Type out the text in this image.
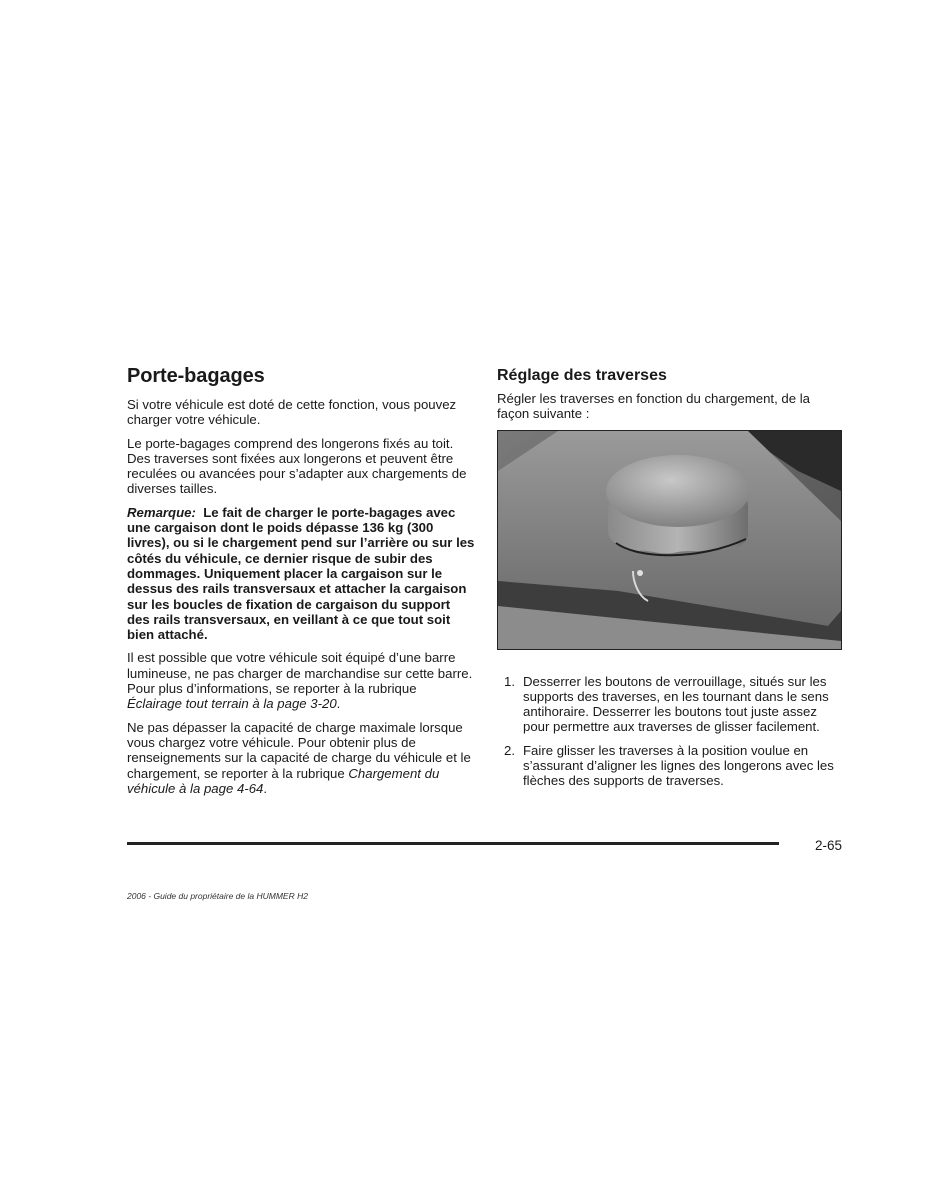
Porte-bagages

Si votre véhicule est doté de cette fonction, vous pouvez charger votre véhicule.

Le porte-bagages comprend des longerons fixés au toit. Des traverses sont fixées aux longerons et peuvent être reculées ou avancées pour s’adapter aux chargements de diverses tailles.

Remarque: Le fait de charger le porte-bagages avec une cargaison dont le poids dépasse 136 kg (300 livres), ou si le chargement pend sur l’arrière ou sur les côtés du véhicule, ce dernier risque de subir des dommages. Uniquement placer la cargaison sur le dessus des rails transversaux et attacher la cargaison sur les boucles de fixation de cargaison du support des rails transversaux, en veillant à ce que tout soit bien attaché.

Il est possible que votre véhicule soit équipé d’une barre lumineuse, ne pas charger de marchandise sur cette barre. Pour plus d’informations, se reporter à la rubrique Éclairage tout terrain à la page 3-20.

Ne pas dépasser la capacité de charge maximale lorsque vous chargez votre véhicule. Pour obtenir plus de renseignements sur la capacité de charge du véhicule et le chargement, se reporter à la rubrique Chargement du véhicule à la page 4-64.

Réglage des traverses

Régler les traverses en fonction du chargement, de la façon suivante :

1. Desserrer les boutons de verrouillage, situés sur les supports des traverses, en les tournant dans le sens antihoraire. Desserrer les boutons tout juste assez pour permettre aux traverses de glisser facilement.
2. Faire glisser les traverses à la position voulue en s’assurant d’aligner les lignes des longerons avec les flèches des supports de traverses.
2-65
2006 - Guide du propriétaire de la HUMMER H2
